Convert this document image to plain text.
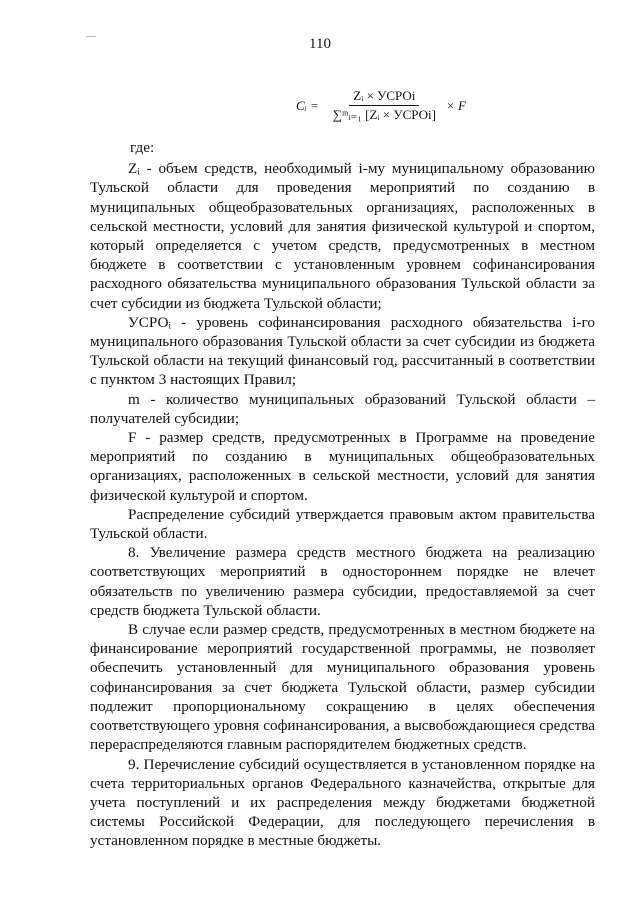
110
Cᵢ = $\frac{\text{Zᵢ × УСРОi}}{\text{∑ᵐᵢ₌₁ [Zᵢ × УСРОi]}} \times F$

где:

Zᵢ - объем средств, необходимый i-му муниципальному образованию Тульской области для проведения мероприятий по созданию в муниципальных общеобразовательных организациях, расположенных в сельской местности, условий для занятия физической культурой и спортом, который определяется с учетом средств, предусмотренных в местном бюджете в соответствии с установленным уровнем софинансирования расходного обязательства муниципального образования Тульской области за счет субсидии из бюджета Тульской области;

УСРОᵢ - уровень софинансирования расходного обязательства i-го муниципального образования Тульской области за счет субсидии из бюджета Тульской области на текущий финансовый год, рассчитанный в соответствии с пунктом 3 настоящих Правил;

m - количество муниципальных образований Тульской области – получателей субсидии;

F - размер средств, предусмотренных в Программе на проведение мероприятий по созданию в муниципальных общеобразовательных организациях, расположенных в сельской местности, условий для занятия физической культурой и спортом.

Распределение субсидий утверждается правовым актом правительства Тульской области.

8. Увеличение размера средств местного бюджета на реализацию соответствующих мероприятий в одностороннем порядке не влечет обязательств по увеличению размера субсидии, предоставляемой за счет средств бюджета Тульской области.

В случае если размер средств, предусмотренных в местном бюджете на финансирование мероприятий государственной программы, не позволяет обеспечить установленный для муниципального образования уровень софинансирования за счет бюджета Тульской области, размер субсидии подлежит пропорциональному сокращению в целях обеспечения соответствующего уровня софинансирования, а высвобождающиеся средства перераспределяются главным распорядителем бюджетных средств.

9. Перечисление субсидий осуществляется в установленном порядке на счета территориальных органов Федерального казначейства, открытые для учета поступлений и их распределения между бюджетами бюджетной системы Российской Федерации, для последующего перечисления в установленном порядке в местные бюджеты.
